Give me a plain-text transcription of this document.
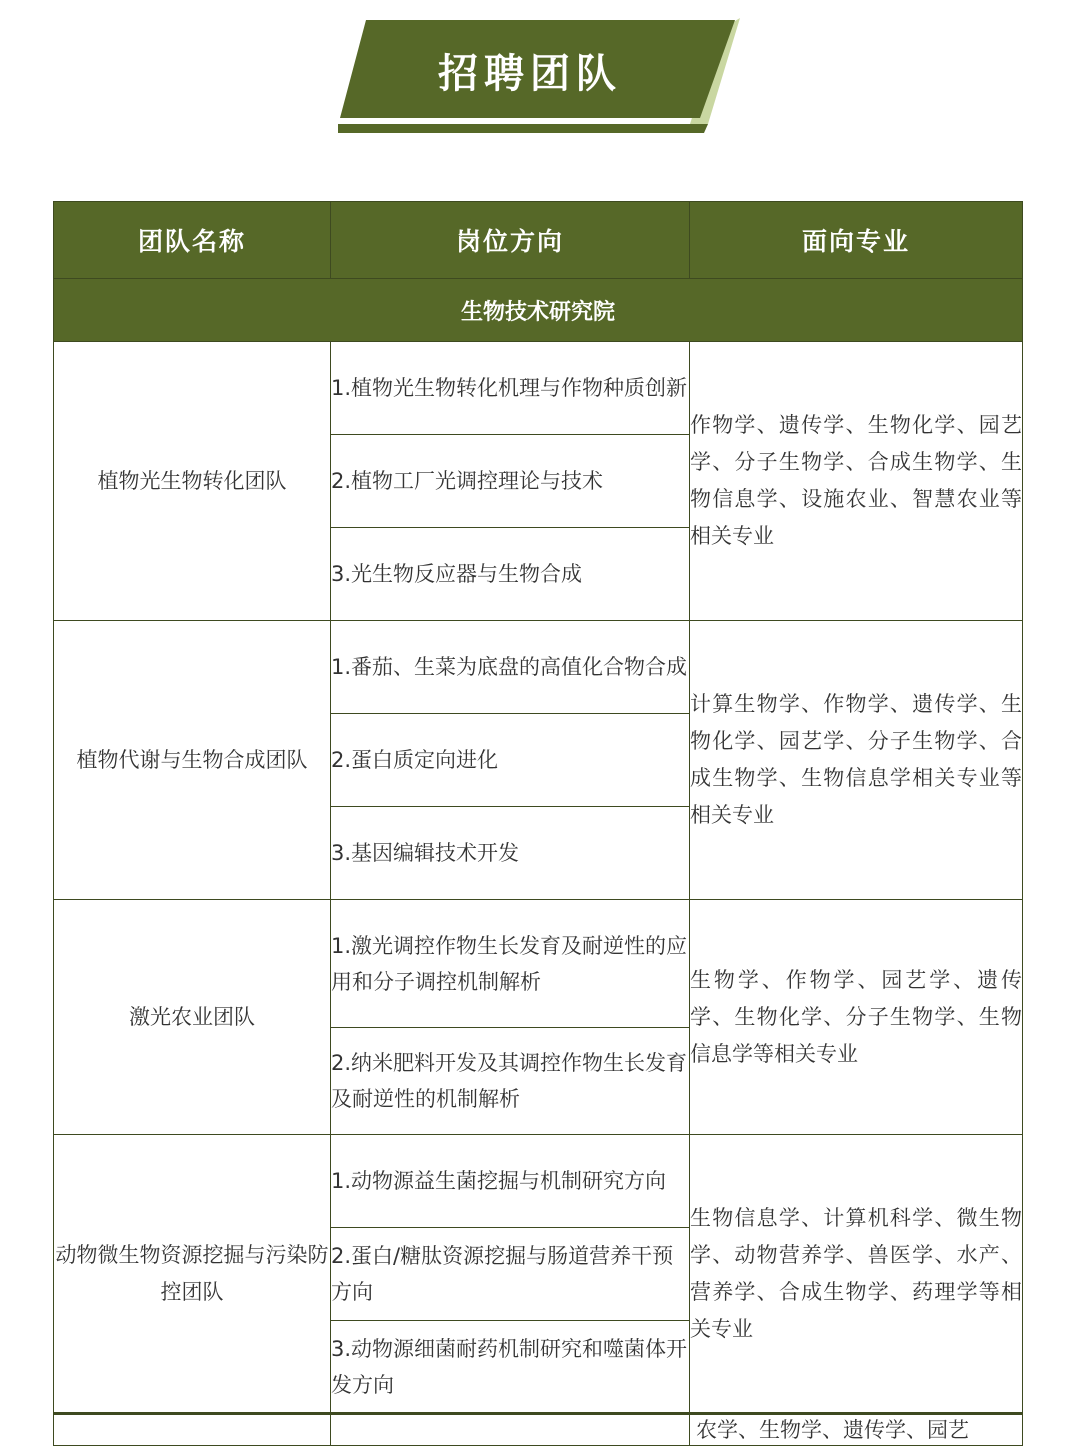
招聘团队
团队名称	岗位方向	面向专业
生物技术研究院		
植物光生物转化团队	1.植物光生物转化机理与作物种质创新	作物学、遗传学、生物化学、园艺学、分子生物学、合成生物学、生物信息学、设施农业、智慧农业等相关专业
	2.植物工厂光调控理论与技术	
	3.光生物反应器与生物合成	
植物代谢与生物合成团队	1.番茄、生菜为底盘的高值化合物合成	计算生物学、作物学、遗传学、生物化学、园艺学、分子生物学、合成生物学、生物信息学相关专业等相关专业
	2.蛋白质定向进化	
	3.基因编辑技术开发	
激光农业团队	1.激光调控作物生长发育及耐逆性的应用和分子调控机制解析	生物学、作物学、园艺学、遗传学、生物化学、分子生物学、生物信息学等相关专业
	2.纳米肥料开发及其调控作物生长发育及耐逆性的机制解析	
动物微生物资源挖掘与污染防控团队	1.动物源益生菌挖掘与机制研究方向	生物信息学、计算机科学、微生物学、动物营养学、兽医学、水产、营养学、合成生物学、药理学等相关专业
	2.蛋白/糖肽资源挖掘与肠道营养干预方向	
	3.动物源细菌耐药机制研究和噬菌体开发方向	

		农学、生物学、遗传学、园艺
